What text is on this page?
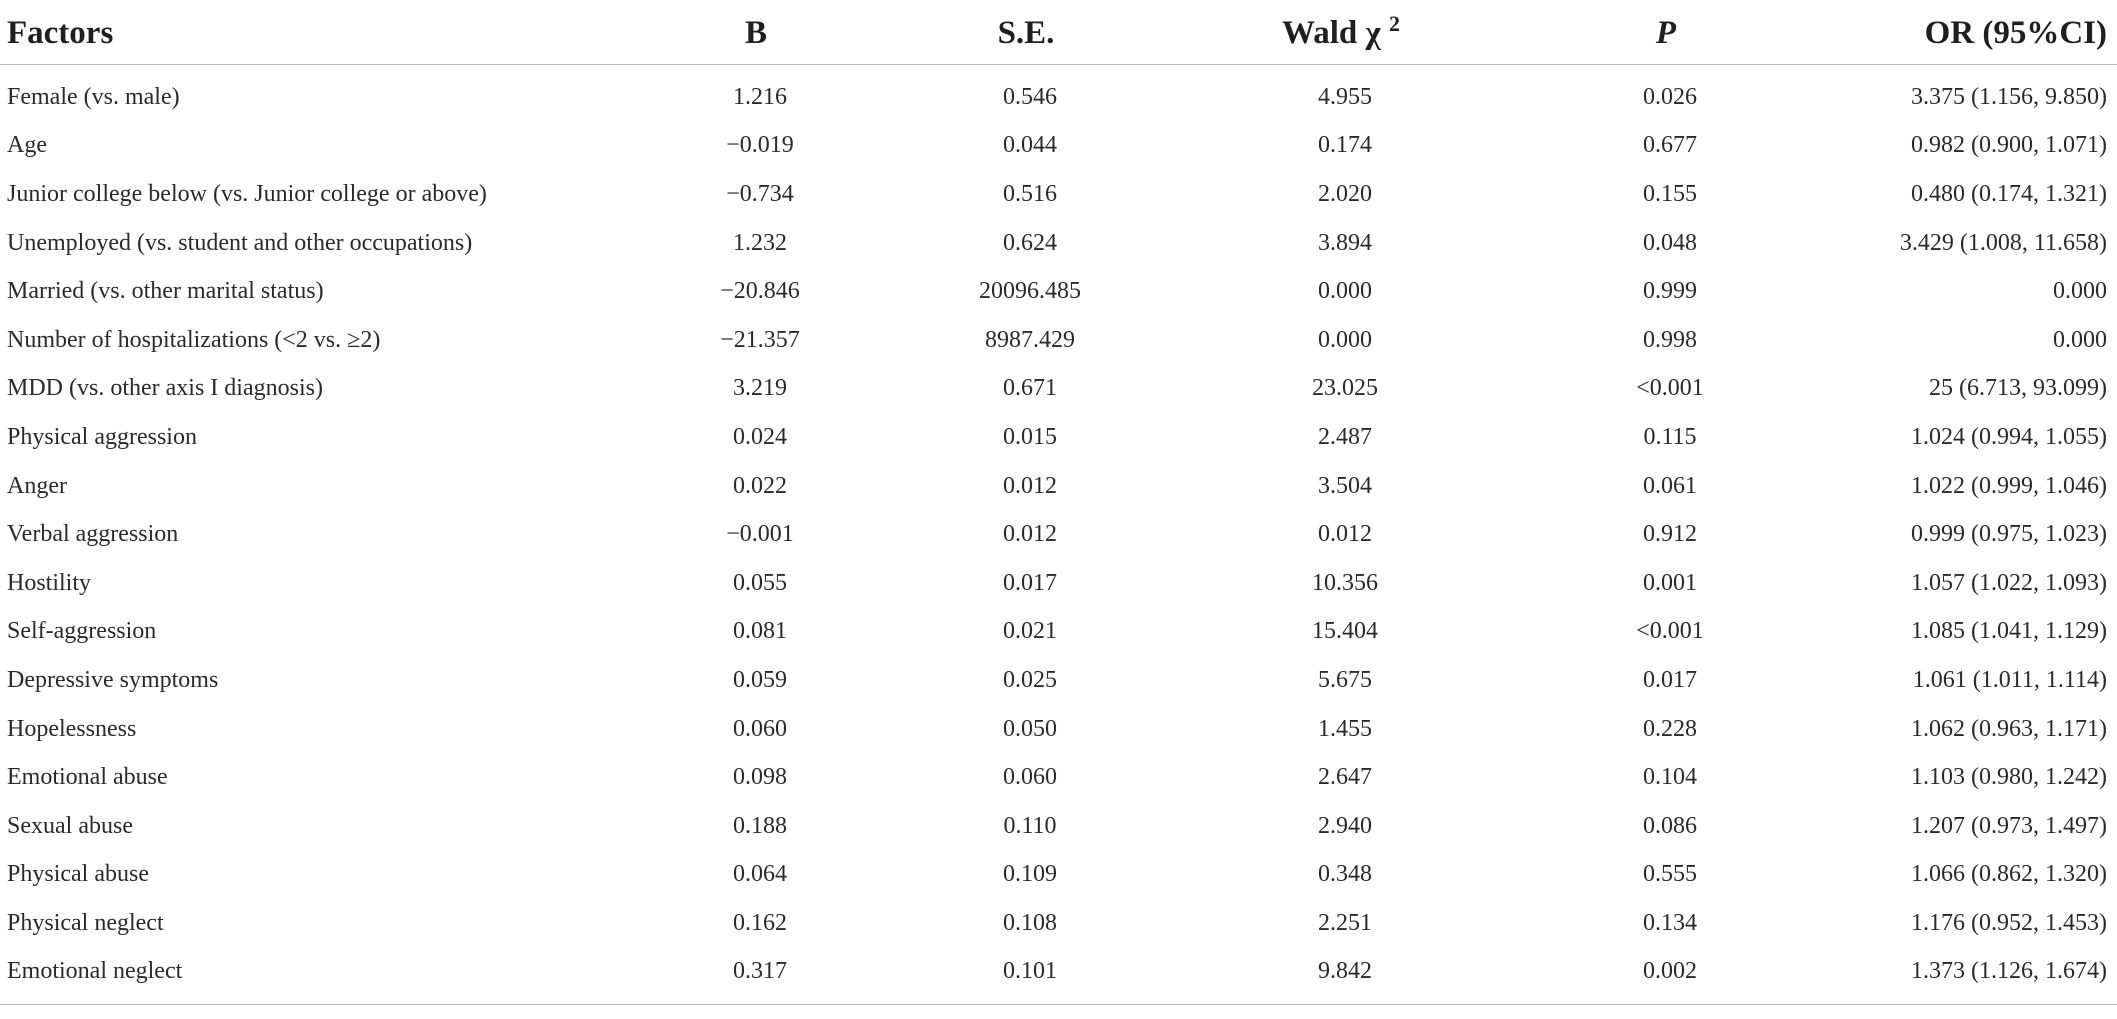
Factors	B	S.E.	Wald χ $^2$	P	OR (95%CI)
Female (vs. male)	1.216	0.546	4.955	0.026	3.375 (1.156, 9.850)
Age	−0.019	0.044	0.174	0.677	0.982 (0.900, 1.071)
Junior college below (vs. Junior college or above)	−0.734	0.516	2.020	0.155	0.480 (0.174, 1.321)
Unemployed (vs. student and other occupations)	1.232	0.624	3.894	0.048	3.429 (1.008, 11.658)
Married (vs. other marital status)	−20.846	20096.485	0.000	0.999	0.000
Number of hospitalizations (<2 vs. ≥2)	−21.357	8987.429	0.000	0.998	0.000
MDD (vs. other axis I diagnosis)	3.219	0.671	23.025	<0.001	25 (6.713, 93.099)
Physical aggression	0.024	0.015	2.487	0.115	1.024 (0.994, 1.055)
Anger	0.022	0.012	3.504	0.061	1.022 (0.999, 1.046)
Verbal aggression	−0.001	0.012	0.012	0.912	0.999 (0.975, 1.023)
Hostility	0.055	0.017	10.356	0.001	1.057 (1.022, 1.093)
Self-aggression	0.081	0.021	15.404	<0.001	1.085 (1.041, 1.129)
Depressive symptoms	0.059	0.025	5.675	0.017	1.061 (1.011, 1.114)
Hopelessness	0.060	0.050	1.455	0.228	1.062 (0.963, 1.171)
Emotional abuse	0.098	0.060	2.647	0.104	1.103 (0.980, 1.242)
Sexual abuse	0.188	0.110	2.940	0.086	1.207 (0.973, 1.497)
Physical abuse	0.064	0.109	0.348	0.555	1.066 (0.862, 1.320)
Physical neglect	0.162	0.108	2.251	0.134	1.176 (0.952, 1.453)
Emotional neglect	0.317	0.101	9.842	0.002	1.373 (1.126, 1.674)
